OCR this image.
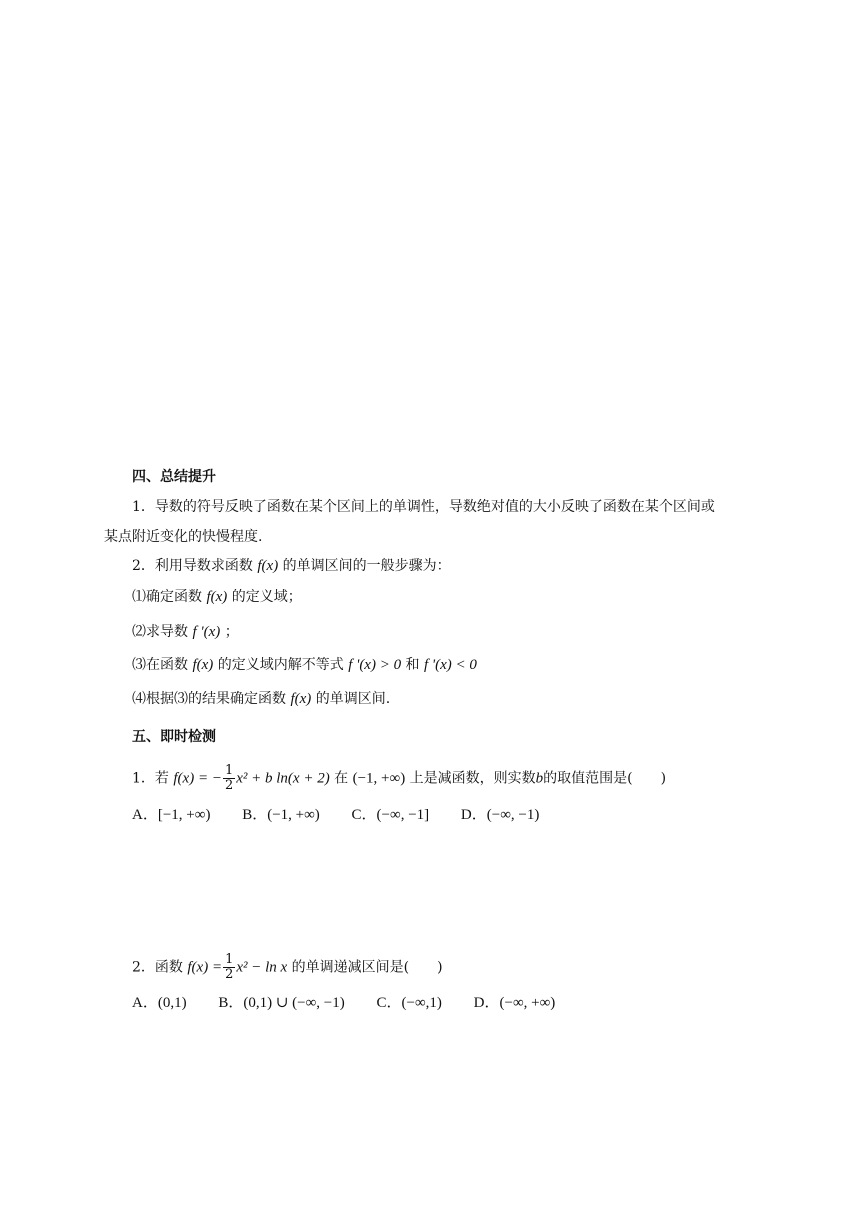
四、总结提升
1．导数的符号反映了函数在某个区间上的单调性，导数绝对值的大小反映了函数在某个区间或
某点附近变化的快慢程度.
2．利用导数求函数 f(x) 的单调区间的一般步骤为：
⑴确定函数 f(x) 的定义域；
⑵求导数 f '(x) ；
⑶在函数 f(x) 的定义域内解不等式 f '(x) > 0 和 f '(x) < 0
⑷根据⑶的结果确定函数 f(x) 的单调区间.
五、即时检测
1．若 f(x) = − $\frac{1}{2} x^2 + b$ ln(x + 2) 在 (−1, +∞) 上是减函数，则实数b的取值范围是(　　)
A．[−1, +∞) B．(−1, +∞) C．(−∞, −1] D．(−∞, −1)
2．函数 $f(x) = \frac{1}{2} x^2 - \ln x$ 的单调递减区间是(　　)
A．(0,1) B．(0,1) ∪ (−∞, −1) C．(−∞,1) D．(−∞, +∞)
